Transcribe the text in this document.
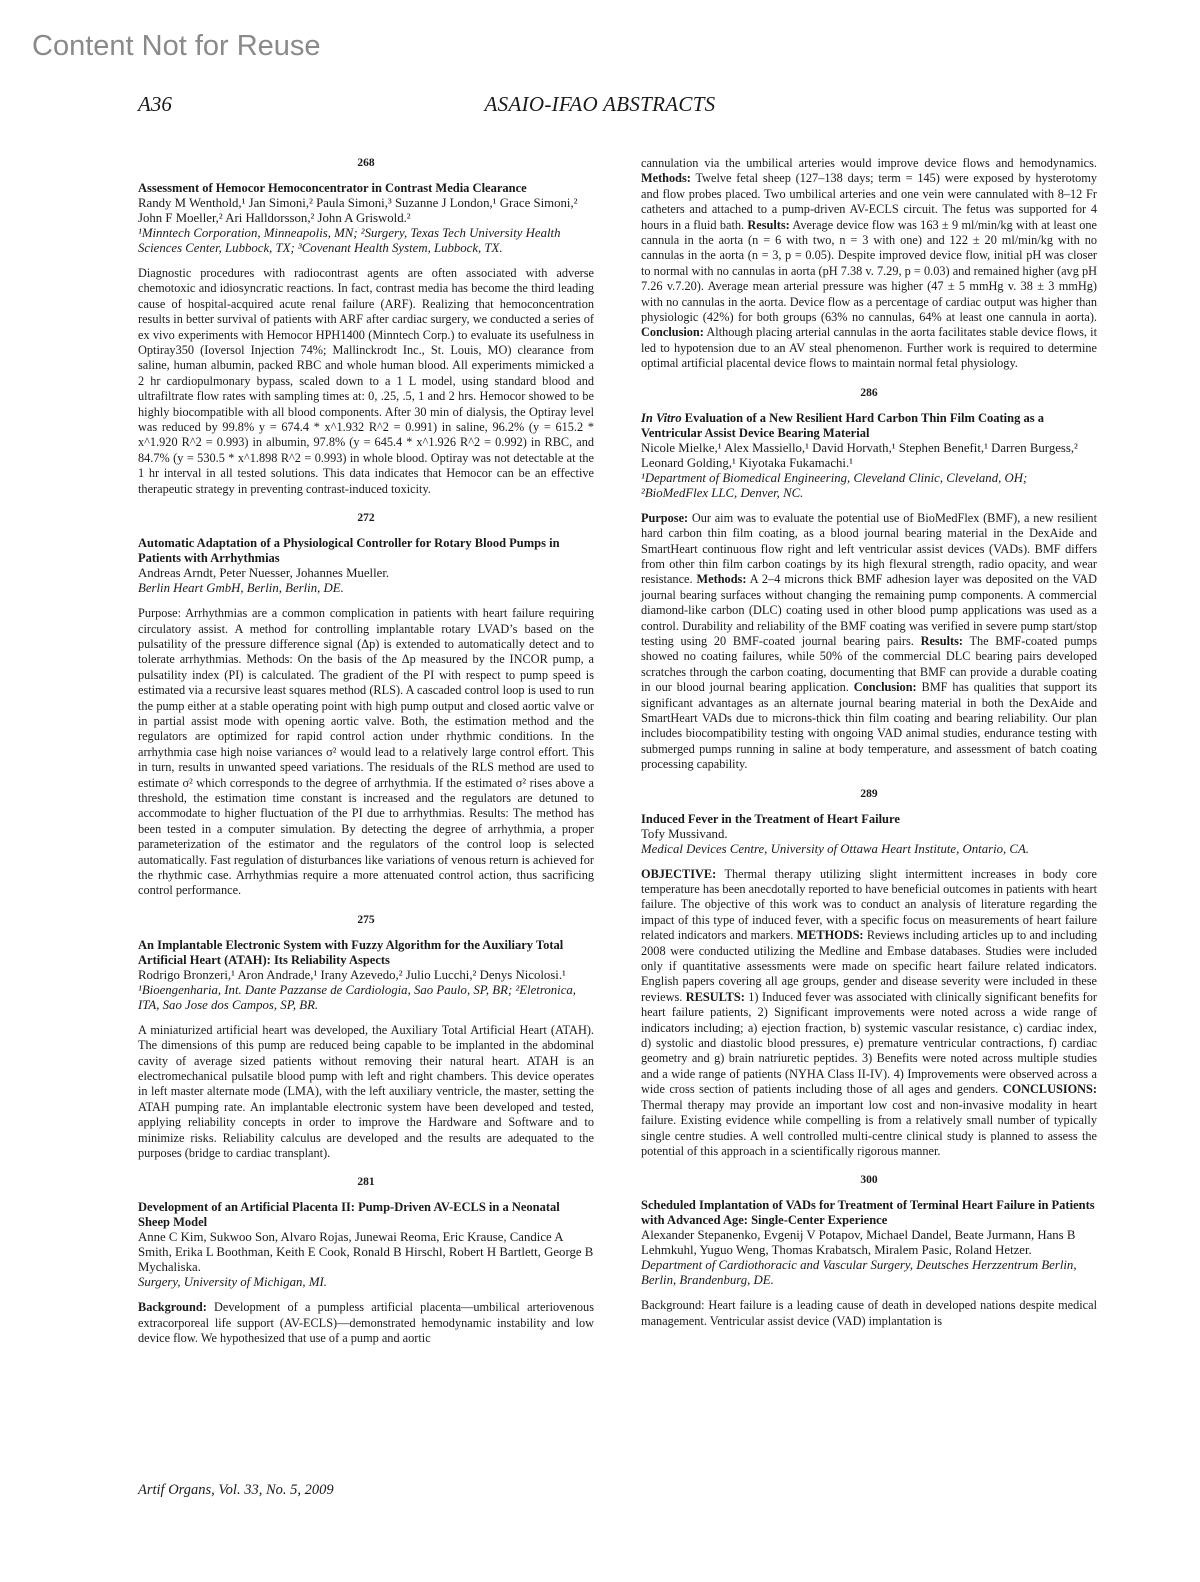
Content Not for Reuse
A36	ASAIO-IFAO ABSTRACTS
268
Assessment of Hemocor Hemoconcentrator in Contrast Media Clearance
Randy M Wenthold,¹ Jan Simoni,² Paula Simoni,³ Suzanne J London,¹ Grace Simoni,² John F Moeller,² Ari Halldorsson,² John A Griswold.²
¹Minntech Corporation, Minneapolis, MN; ²Surgery, Texas Tech University Health Sciences Center, Lubbock, TX; ³Covenant Health System, Lubbock, TX.
Diagnostic procedures with radiocontrast agents are often associated with adverse chemotoxic and idiosyncratic reactions. In fact, contrast media has become the third leading cause of hospital-acquired acute renal failure (ARF). Realizing that hemoconcentration results in better survival of patients with ARF after cardiac surgery, we conducted a series of ex vivo experiments with Hemocor HPH1400 (Minntech Corp.) to evaluate its usefulness in Optiray350 (Ioversol Injection 74%; Mallinckrodt Inc., St. Louis, MO) clearance from saline, human albumin, packed RBC and whole human blood. All experiments mimicked a 2 hr cardiopulmonary bypass, scaled down to a 1 L model, using standard blood and ultrafiltrate flow rates with sampling times at: 0, .25, .5, 1 and 2 hrs. Hemocor showed to be highly biocompatible with all blood components. After 30 min of dialysis, the Optiray level was reduced by 99.8% y = 674.4 * x^1.932 R^2 = 0.991) in saline, 96.2% (y = 615.2 * x^1.920 R^2 = 0.993) in albumin, 97.8% (y = 645.4 * x^1.926 R^2 = 0.992) in RBC, and 84.7% (y = 530.5 * x^1.898 R^2 = 0.993) in whole blood. Optiray was not detectable at the 1 hr interval in all tested solutions. This data indicates that Hemocor can be an effective therapeutic strategy in preventing contrast-induced toxicity.
272
Automatic Adaptation of a Physiological Controller for Rotary Blood Pumps in Patients with Arrhythmias
Andreas Arndt, Peter Nuesser, Johannes Mueller.
Berlin Heart GmbH, Berlin, Berlin, DE.
Purpose: Arrhythmias are a common complication in patients with heart failure requiring circulatory assist. A method for controlling implantable rotary LVAD’s based on the pulsatility of the pressure difference signal (Δp) is extended to automatically detect and to tolerate arrhythmias. Methods: On the basis of the Δp measured by the INCOR pump, a pulsatility index (PI) is calculated. The gradient of the PI with respect to pump speed is estimated via a recursive least squares method (RLS). A cascaded control loop is used to run the pump either at a stable operating point with high pump output and closed aortic valve or in partial assist mode with opening aortic valve. Both, the estimation method and the regulators are optimized for rapid control action under rhythmic conditions. In the arrhythmia case high noise variances σ² would lead to a relatively large control effort. This in turn, results in unwanted speed variations. The residuals of the RLS method are used to estimate σ² which corresponds to the degree of arrhythmia. If the estimated σ² rises above a threshold, the estimation time constant is increased and the regulators are detuned to accommodate to higher fluctuation of the PI due to arrhythmias. Results: The method has been tested in a computer simulation. By detecting the degree of arrhythmia, a proper parameterization of the estimator and the regulators of the control loop is selected automatically. Fast regulation of disturbances like variations of venous return is achieved for the rhythmic case. Arrhythmias require a more attenuated control action, thus sacrificing control performance.
275
An Implantable Electronic System with Fuzzy Algorithm for the Auxiliary Total Artificial Heart (ATAH): Its Reliability Aspects
Rodrigo Bronzeri,¹ Aron Andrade,¹ Irany Azevedo,² Julio Lucchi,² Denys Nicolosi.¹
¹Bioengenharia, Int. Dante Pazzanse de Cardiologia, Sao Paulo, SP, BR; ²Eletronica, ITA, Sao Jose dos Campos, SP, BR.
A miniaturized artificial heart was developed, the Auxiliary Total Artificial Heart (ATAH). The dimensions of this pump are reduced being capable to be implanted in the abdominal cavity of average sized patients without removing their natural heart. ATAH is an electromechanical pulsatile blood pump with left and right chambers. This device operates in left master alternate mode (LMA), with the left auxiliary ventricle, the master, setting the ATAH pumping rate. An implantable electronic system have been developed and tested, applying reliability concepts in order to improve the Hardware and Software and to minimize risks. Reliability calculus are developed and the results are adequated to the purposes (bridge to cardiac transplant).
281
Development of an Artificial Placenta II: Pump-Driven AV-ECLS in a Neonatal Sheep Model
Anne C Kim, Sukwoo Son, Alvaro Rojas, Junewai Reoma, Eric Krause, Candice A Smith, Erika L Boothman, Keith E Cook, Ronald B Hirschl, Robert H Bartlett, George B Mychaliska.
Surgery, University of Michigan, MI.
Background: Development of a pumpless artificial placenta—umbilical arteriovenous extracorporeal life support (AV-ECLS)—demonstrated hemodynamic instability and low device flow. We hypothesized that use of a pump and aortic
cannulation via the umbilical arteries would improve device flows and hemodynamics. Methods: Twelve fetal sheep (127–138 days; term = 145) were exposed by hysterotomy and flow probes placed. Two umbilical arteries and one vein were cannulated with 8–12 Fr catheters and attached to a pump-driven AV-ECLS circuit. The fetus was supported for 4 hours in a fluid bath. Results: Average device flow was 163 ± 9 ml/min/kg with at least one cannula in the aorta (n = 6 with two, n = 3 with one) and 122 ± 20 ml/min/kg with no cannulas in the aorta (n = 3, p = 0.05). Despite improved device flow, initial pH was closer to normal with no cannulas in aorta (pH 7.38 v. 7.29, p = 0.03) and remained higher (avg pH 7.26 v.7.20). Average mean arterial pressure was higher (47 ± 5 mmHg v. 38 ± 3 mmHg) with no cannulas in the aorta. Device flow as a percentage of cardiac output was higher than physiologic (42%) for both groups (63% no cannulas, 64% at least one cannula in aorta). Conclusion: Although placing arterial cannulas in the aorta facilitates stable device flows, it led to hypotension due to an AV steal phenomenon. Further work is required to determine optimal artificial placental device flows to maintain normal fetal physiology.
286
In Vitro Evaluation of a New Resilient Hard Carbon Thin Film Coating as a Ventricular Assist Device Bearing Material
Nicole Mielke,¹ Alex Massiello,¹ David Horvath,¹ Stephen Benefit,¹ Darren Burgess,² Leonard Golding,¹ Kiyotaka Fukamachi.¹
¹Department of Biomedical Engineering, Cleveland Clinic, Cleveland, OH; ²BioMedFlex LLC, Denver, NC.
Purpose: Our aim was to evaluate the potential use of BioMedFlex (BMF), a new resilient hard carbon thin film coating, as a blood journal bearing material in the DexAide and SmartHeart continuous flow right and left ventricular assist devices (VADs). BMF differs from other thin film carbon coatings by its high flexural strength, radio opacity, and wear resistance. Methods: A 2–4 microns thick BMF adhesion layer was deposited on the VAD journal bearing surfaces without changing the remaining pump components. A commercial diamond-like carbon (DLC) coating used in other blood pump applications was used as a control. Durability and reliability of the BMF coating was verified in severe pump start/stop testing using 20 BMF-coated journal bearing pairs. Results: The BMF-coated pumps showed no coating failures, while 50% of the commercial DLC bearing pairs developed scratches through the carbon coating, documenting that BMF can provide a durable coating in our blood journal bearing application. Conclusion: BMF has qualities that support its significant advantages as an alternate journal bearing material in both the DexAide and SmartHeart VADs due to microns-thick thin film coating and bearing reliability. Our plan includes biocompatibility testing with ongoing VAD animal studies, endurance testing with submerged pumps running in saline at body temperature, and assessment of batch coating processing capability.
289
Induced Fever in the Treatment of Heart Failure
Tofy Mussivand.
Medical Devices Centre, University of Ottawa Heart Institute, Ontario, CA.
OBJECTIVE: Thermal therapy utilizing slight intermittent increases in body core temperature has been anecdotally reported to have beneficial outcomes in patients with heart failure. The objective of this work was to conduct an analysis of literature regarding the impact of this type of induced fever, with a specific focus on measurements of heart failure related indicators and markers. METHODS: Reviews including articles up to and including 2008 were conducted utilizing the Medline and Embase databases. Studies were included only if quantitative assessments were made on specific heart failure related indicators. English papers covering all age groups, gender and disease severity were included in these reviews. RESULTS: 1) Induced fever was associated with clinically significant benefits for heart failure patients, 2) Significant improvements were noted across a wide range of indicators including; a) ejection fraction, b) systemic vascular resistance, c) cardiac index, d) systolic and diastolic blood pressures, e) premature ventricular contractions, f) cardiac geometry and g) brain natriuretic peptides. 3) Benefits were noted across multiple studies and a wide range of patients (NYHA Class II-IV). 4) Improvements were observed across a wide cross section of patients including those of all ages and genders. CONCLUSIONS: Thermal therapy may provide an important low cost and non-invasive modality in heart failure. Existing evidence while compelling is from a relatively small number of typically single centre studies. A well controlled multi-centre clinical study is planned to assess the potential of this approach in a scientifically rigorous manner.
300
Scheduled Implantation of VADs for Treatment of Terminal Heart Failure in Patients with Advanced Age: Single-Center Experience
Alexander Stepanenko, Evgenij V Potapov, Michael Dandel, Beate Jurmann, Hans B Lehmkuhl, Yuguo Weng, Thomas Krabatsch, Miralem Pasic, Roland Hetzer.
Department of Cardiothoracic and Vascular Surgery, Deutsches Herzzentrum Berlin, Berlin, Brandenburg, DE.
Background: Heart failure is a leading cause of death in developed nations despite medical management. Ventricular assist device (VAD) implantation is
Artif Organs, Vol. 33, No. 5, 2009
